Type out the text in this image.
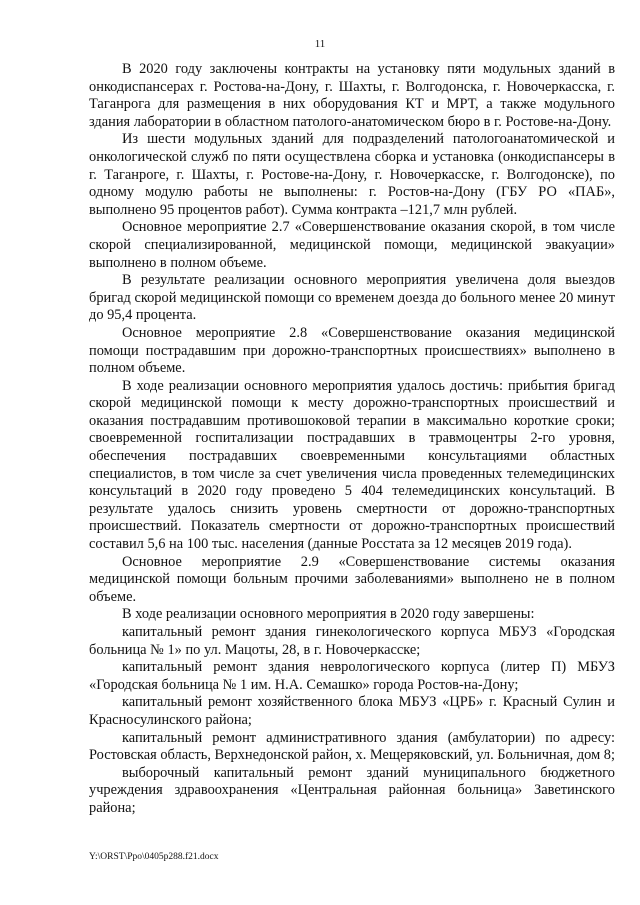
11

В 2020 году заключены контракты на установку пяти модульных зданий в онкодиспансерах г. Ростова-на-Дону, г. Шахты, г. Волгодонска, г. Новочеркасска, г. Таганрога для размещения в них оборудования КТ и МРТ, а также модульного здания лаборатории в областном патолого-анатомическом бюро в г. Ростове-на-Дону.

Из шести модульных зданий для подразделений патологоанатомической и онкологической служб по пяти осуществлена сборка и установка (онкодиспансеры в г. Таганроге, г. Шахты, г. Ростове-на-Дону, г. Новочеркасске, г. Волгодонске), по одному модулю работы не выполнены: г. Ростов-на-Дону (ГБУ РО «ПАБ», выполнено 95 процентов работ). Сумма контракта –121,7 млн рублей.

Основное мероприятие 2.7 «Совершенствование оказания скорой, в том числе скорой специализированной, медицинской помощи, медицинской эвакуации» выполнено в полном объеме.

В результате реализации основного мероприятия увеличена доля выездов бригад скорой медицинской помощи со временем доезда до больного менее 20 минут до 95,4 процента.

Основное мероприятие 2.8 «Совершенствование оказания медицинской помощи пострадавшим при дорожно-транспортных происшествиях» выполнено в полном объеме.

В ходе реализации основного мероприятия удалось достичь: прибытия бригад скорой медицинской помощи к месту дорожно-транспортных происшествий и оказания пострадавшим противошоковой терапии в максимально короткие сроки; своевременной госпитализации пострадавших в травмоцентры 2-го уровня, обеспечения пострадавших своевременными консультациями областных специалистов, в том числе за счет увеличения числа проведенных телемедицинских консультаций в 2020 году проведено 5 404 телемедицинских консультаций. В результате удалось снизить уровень смертности от дорожно-транспортных происшествий. Показатель смертности от дорожно-транспортных происшествий составил 5,6 на 100 тыс. населения (данные Росстата за 12 месяцев 2019 года).

Основное мероприятие 2.9 «Совершенствование системы оказания медицинской помощи больным прочими заболеваниями» выполнено не в полном объеме.

В ходе реализации основного мероприятия в 2020 году завершены:

капитальный ремонт здания гинекологического корпуса МБУЗ «Городская больница № 1» по ул. Мацоты, 28, в г. Новочеркасске;

капитальный ремонт здания неврологического корпуса (литер П) МБУЗ «Городская больница № 1 им. Н.А. Семашко» города Ростов-на-Дону;

капитальный ремонт хозяйственного блока МБУЗ «ЦРБ» г. Красный Сулин и Красносулинского района;

капитальный ремонт административного здания (амбулатории) по адресу: Ростовская область, Верхнедонской район, х. Мещеряковский, ул. Больничная, дом 8;

выборочный капитальный ремонт зданий муниципального бюджетного учреждения здравоохранения «Центральная районная больница» Заветинского района;

Y:\ORST\Ppo\0405p288.f21.docx
